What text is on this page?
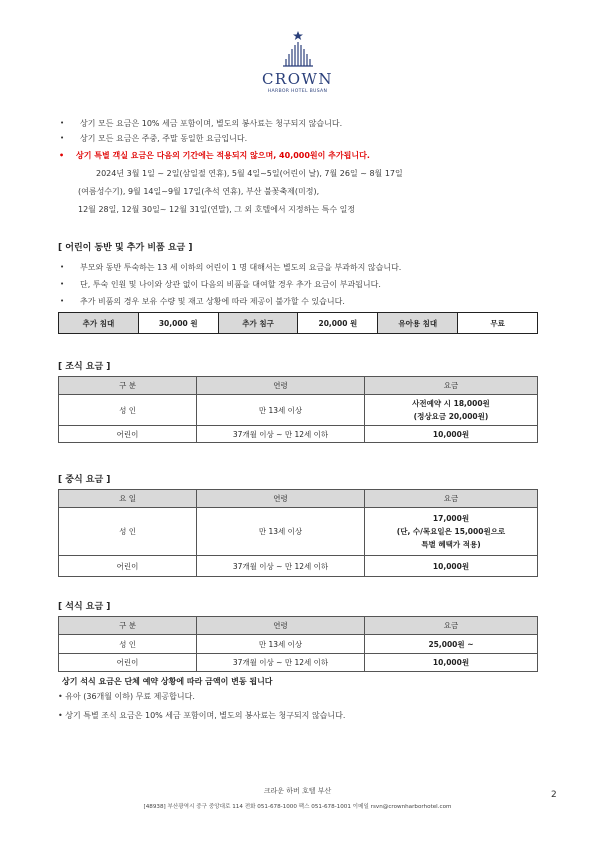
CROWN
HARBOR HOTEL BUSAN
• 상기 모든 요금은 10% 세금 포함이며, 별도의 봉사료는 청구되지 않습니다.
• 상기 모든 요금은 주중, 주말 동일한 요금입니다.
• 상기 특별 객실 요금은 다음의 기간에는 적용되지 않으며, 40,000원이 추가됩니다.
2024년 3월 1일 ~ 2일(삼일절 연휴), 5월 4일~5일(어린이 날), 7월 26일 ~ 8월 17일
(여름성수기), 9월 14일~9월 17일(추석 연휴), 부산 불꽃축제(미정),
12월 28일, 12월 30일~ 12월 31일(연말), 그 외 호텔에서 지정하는 특수 일정
[ 어린이 동반 및 추가 비품 요금 ]
• 부모와 동반 투숙하는 13 세 이하의 어린이 1 명 대해서는 별도의 요금을 부과하지 않습니다.
• 단, 투숙 인원 및 나이와 상관 없이 다음의 비품을 대여할 경우 추가 요금이 부과됩니다.
• 추가 비품의 경우 보유 수량 및 재고 상황에 따라 제공이 불가할 수 있습니다.
추가 침대	30,000 원	추가 침구	20,000 원	유아용 침대	무료
[ 조식 요금 ]
구 분	연령	요금
성 인	만 13세 이상	사전예약 시 18,000원
(정상요금 20,000원)

어린이	37개월 이상 ~ 만 12세 이하	10,000원
[ 중식 요금 ]
요 일	연령	요금
성 인	만 13세 이상	17,000원
(단, 수/목요일은 15,000원으로
특별 혜택가 적용)

어린이	37개월 이상 ~ 만 12세 이하	10,000원
[ 석식 요금 ]
구 분	연령	요금
성 인	만 13세 이상	25,000원 ~
어린이	37개월 이상 ~ 만 12세 이하	10,000원
상기 석식 요금은 단체 예약 상황에 따라 금액이 변동 됩니다
• 유아 (36개월 이하) 무료 제공합니다.
• 상기 특별 조식 요금은 10% 세금 포함이며, 별도의 봉사료는 청구되지 않습니다.
크라운 하버 호텔 부산
[48938] 부산광역시 중구 중앙대로 114 전화 051-678-1000 팩스 051-678-1001 이메일 rsvn@crownharborhotel.com
2
